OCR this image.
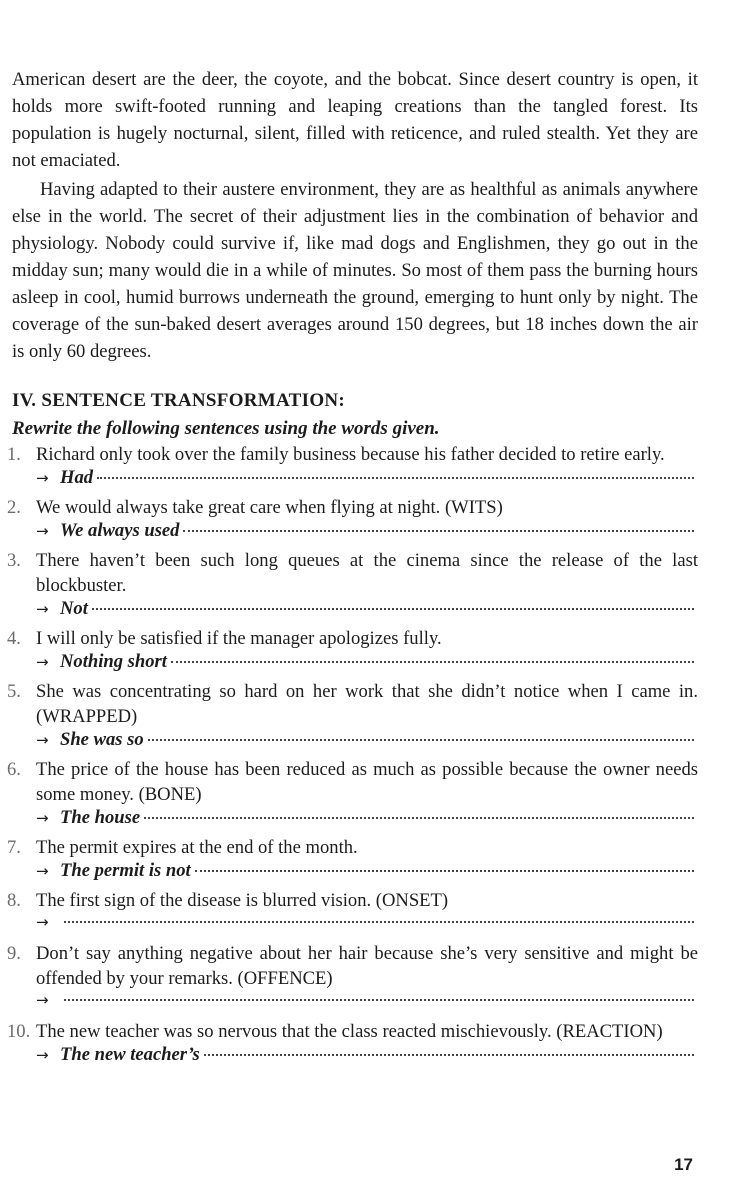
American desert are the deer, the coyote, and the bobcat. Since desert country is open, it holds more swift-footed running and leaping creations than the tangled forest. Its population is hugely nocturnal, silent, filled with reticence, and ruled stealth. Yet they are not emaciated.

Having adapted to their austere environment, they are as healthful as animals anywhere else in the world. The secret of their adjustment lies in the combination of behavior and physiology. Nobody could survive if, like mad dogs and Englishmen, they go out in the midday sun; many would die in a while of minutes. So most of them pass the burning hours asleep in cool, humid burrows underneath the ground, emerging to hunt only by night. The coverage of the sun-baked desert averages around 150 degrees, but 18 inches down the air is only 60 degrees.

IV. SENTENCE TRANSFORMATION:
Rewrite the following sentences using the words given.
1. Richard only took over the family business because his father decided to retire early.

→ Had
2. We would always take great care when flying at night. (WITS)

→ We always used
3. There haven’t been such long queues at the cinema since the release of the last blockbuster.

→ Not
4. I will only be satisfied if the manager apologizes fully.

→ Nothing short
5. She was concentrating so hard on her work that she didn’t notice when I came in. (WRAPPED)

→ She was so
6. The price of the house has been reduced as much as possible because the owner needs some money. (BONE)

→ The house
7. The permit expires at the end of the month.

→ The permit is not
8. The first sign of the disease is blurred vision. (ONSET)

→
9. Don’t say anything negative about her hair because she’s very sensitive and might be offended by your remarks. (OFFENCE)

→
10. The new teacher was so nervous that the class reacted mischievously. (REACTION)

→ The new teacher’s
17
